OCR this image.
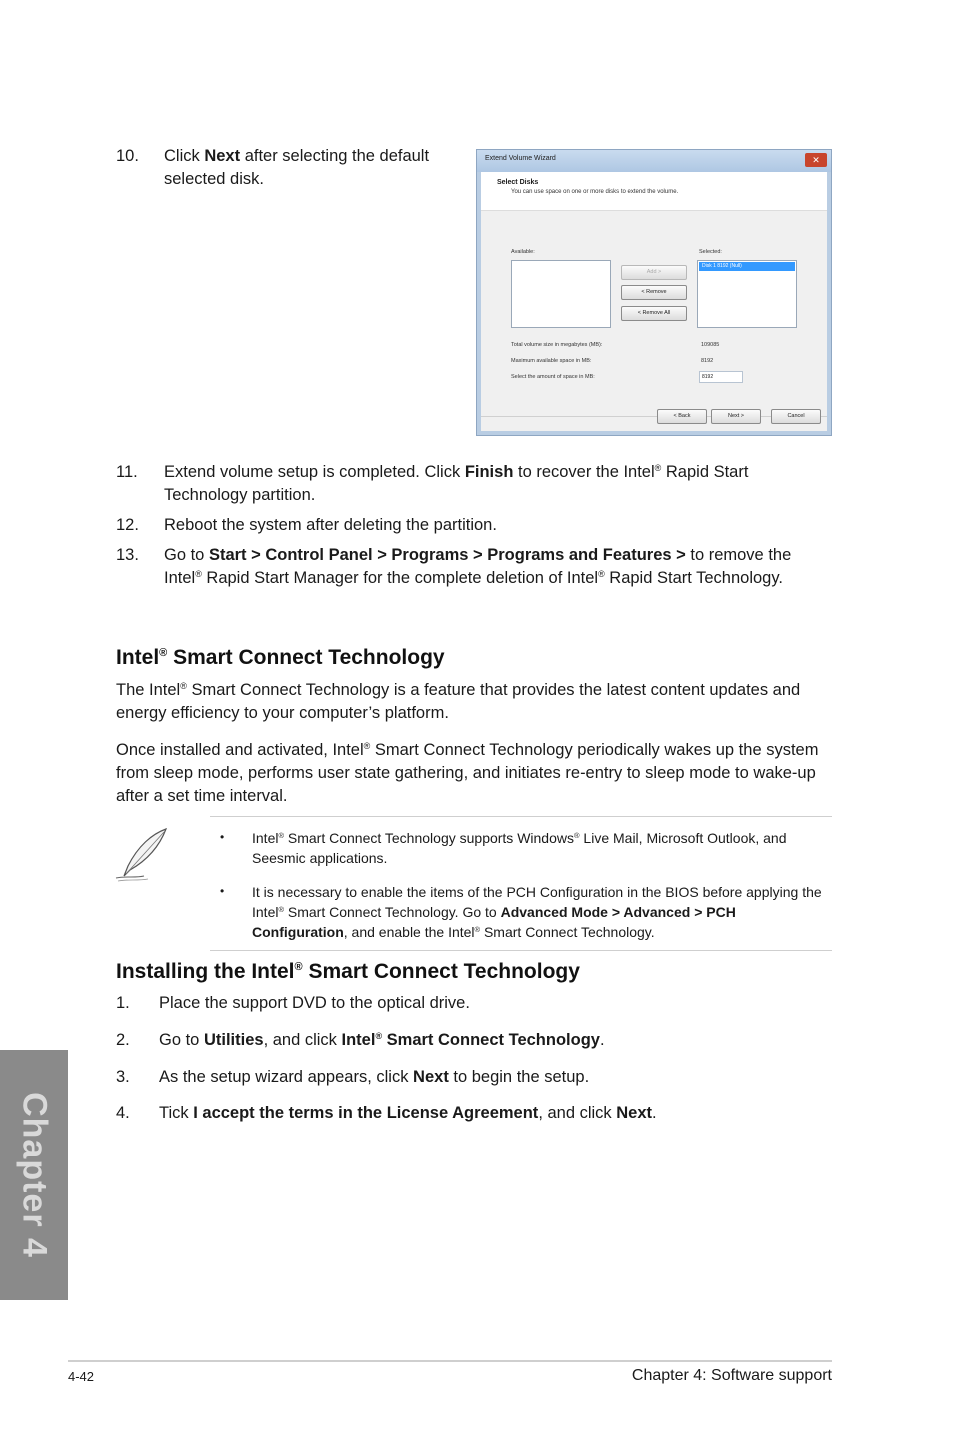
10.	Click Next after selecting the default selected disk.
Extend Volume Wizard	✕
Select Disks
You can use space on one or more disks to extend the volume.
Available:	Selected:
Disk 1 8192 (Null)
Add >
< Remove
< Remove All
Total volume size in megabytes (MB):	109085
Maximum available space in MB:	8192
Select the amount of space in MB:	8192
< Back	Next >	Cancel
11.	Extend volume setup is completed. Click Finish to recover the Intel® Rapid Start Technology partition.
12.	Reboot the system after deleting the partition.
13.	Go to Start > Control Panel > Programs > Programs and Features > to remove the Intel® Rapid Start Manager for the complete deletion of Intel® Rapid Start Technology.
Intel® Smart Connect Technology
The Intel® Smart Connect Technology is a feature that provides the latest content updates and energy efficiency to your computer’s platform.
Once installed and activated, Intel® Smart Connect Technology periodically wakes up the system from sleep mode, performs user state gathering, and initiates re-entry to sleep mode to wake-up after a set time interval.
• Intel® Smart Connect Technology supports Windows® Live Mail, Microsoft Outlook, and Seesmic applications.
• It is necessary to enable the items of the PCH Configuration in the BIOS before applying the Intel® Smart Connect Technology. Go to Advanced Mode > Advanced > PCH Configuration, and enable the Intel® Smart Connect Technology.
Installing the Intel® Smart Connect Technology
1.	Place the support DVD to the optical drive.
2.	Go to Utilities, and click Intel® Smart Connect Technology.
3.	As the setup wizard appears, click Next to begin the setup.
4.	Tick I accept the terms in the License Agreement, and click Next.
Chapter 4
4-42	Chapter 4: Software support
